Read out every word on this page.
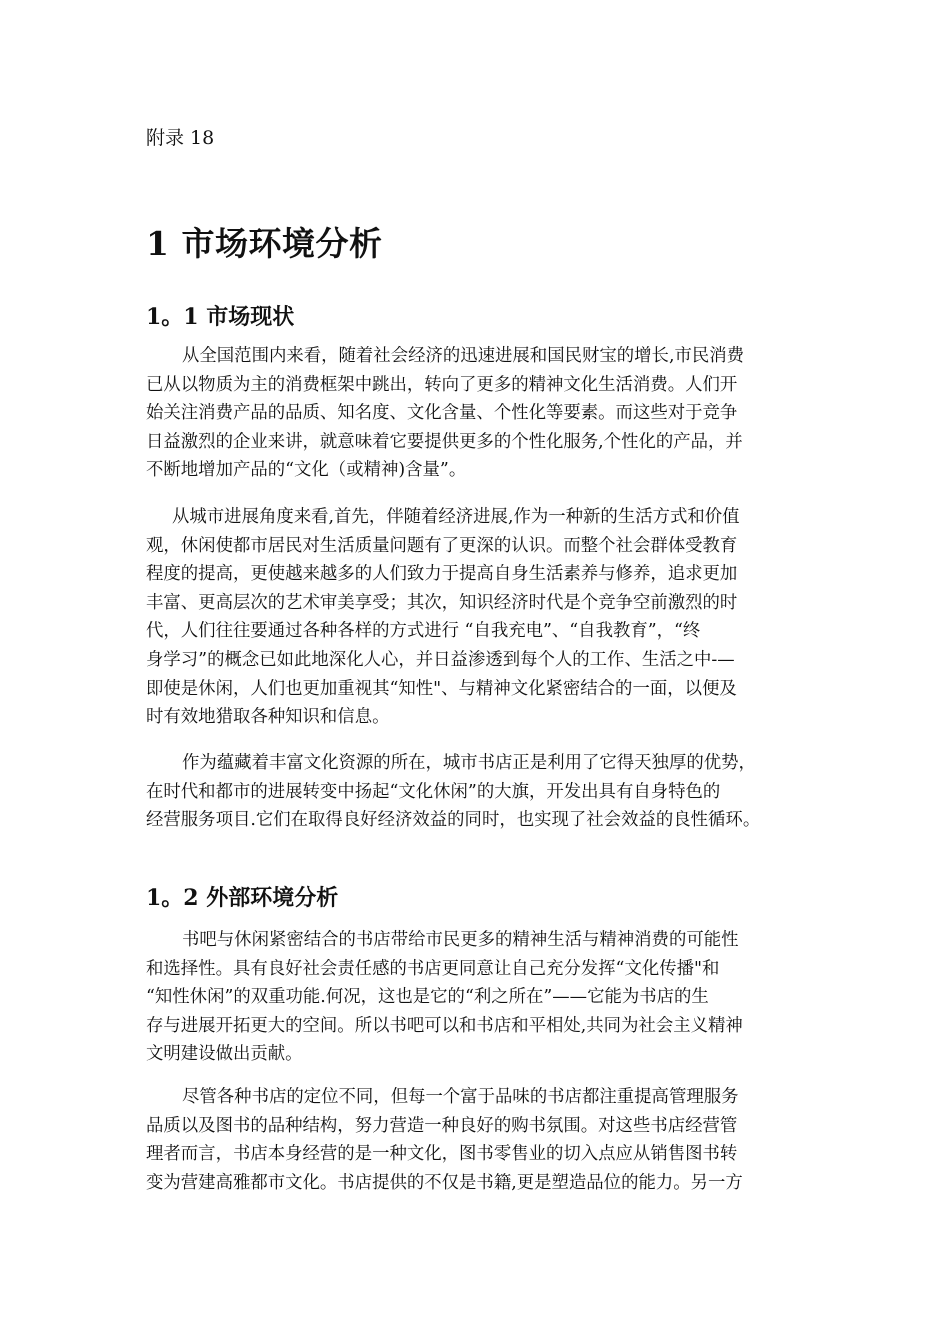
附录 18

1 市场环境分析
1。1 市场现状
从全国范围内来看，随着社会经济的迅速进展和国民财宝的增长,市民消费
已从以物质为主的消费框架中跳出，转向了更多的精神文化生活消费。人们开
始关注消费产品的品质、知名度、文化含量、个性化等要素。而这些对于竞争
日益激烈的企业来讲，就意味着它要提供更多的个性化服务,个性化的产品，并
不断地增加产品的“文化（或精神)含量”。
从城市进展角度来看,首先，伴随着经济进展,作为一种新的生活方式和价值
观，休闲使都市居民对生活质量问题有了更深的认识。而整个社会群体受教育
程度的提高，更使越来越多的人们致力于提高自身生活素养与修养，追求更加
丰富、更高层次的艺术审美享受；其次，知识经济时代是个竞争空前激烈的时
代，人们往往要通过各种各样的方式进行 “自我充电”、“自我教育”，“终
身学习”的概念已如此地深化人心，并日益渗透到每个人的工作、生活之中-—
即使是休闲，人们也更加重视其“知性"、与精神文化紧密结合的一面，以便及
时有效地猎取各种知识和信息。
作为蕴藏着丰富文化资源的所在，城市书店正是利用了它得天独厚的优势，
在时代和都市的进展转变中扬起“文化休闲”的大旗，开发出具有自身特色的
经营服务项目.它们在取得良好经济效益的同时，也实现了社会效益的良性循环。
1。2 外部环境分析
书吧与休闲紧密结合的书店带给市民更多的精神生活与精神消费的可能性
和选择性。具有良好社会责任感的书店更同意让自己充分发挥“文化传播"和
“知性休闲”的双重功能.何况，这也是它的“利之所在”——它能为书店的生
存与进展开拓更大的空间。所以书吧可以和书店和平相处,共同为社会主义精神
文明建设做出贡献。
尽管各种书店的定位不同，但每一个富于品味的书店都注重提高管理服务
品质以及图书的品种结构，努力营造一种良好的购书氛围。对这些书店经营管
理者而言，书店本身经营的是一种文化，图书零售业的切入点应从销售图书转
变为营建高雅都市文化。书店提供的不仅是书籍,更是塑造品位的能力。另一方
